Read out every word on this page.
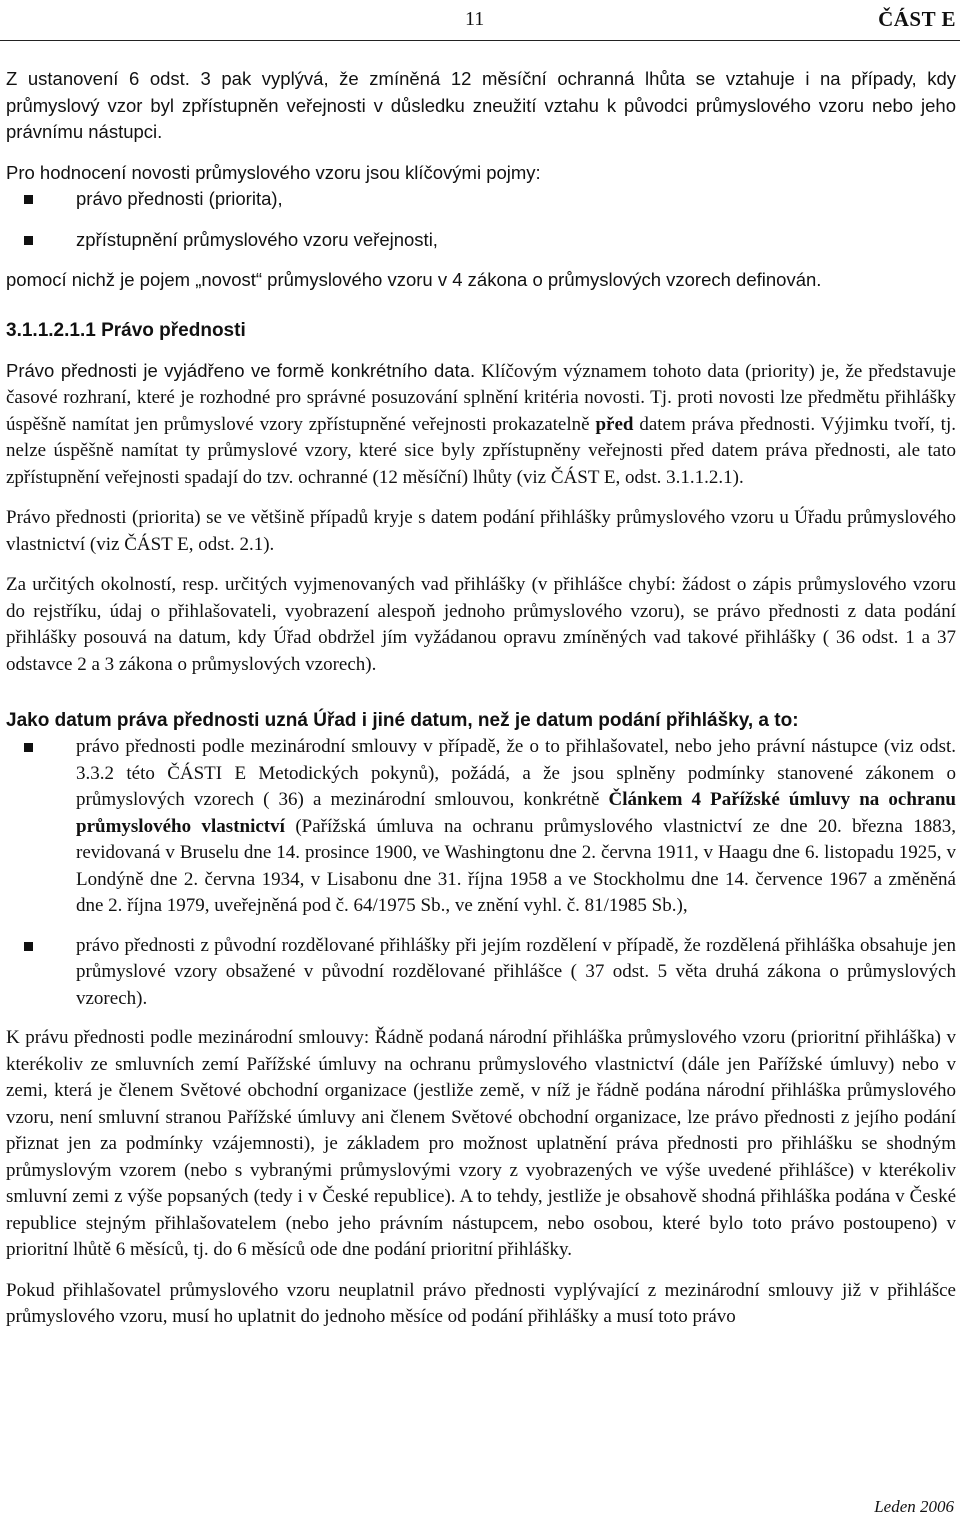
11	ČÁST E

Z ustanovení 6 odst. 3 pak vyplývá, že zmíněná 12 měsíční ochranná lhůta se vztahuje i na případy, kdy průmyslový vzor byl zpřístupněn veřejnosti v důsledku zneužití vztahu k původci průmyslového vzoru nebo jeho právnímu nástupci.

Pro hodnocení novosti průmyslového vzoru jsou klíčovými pojmy:

právo přednosti (priorita),
zpřístupnění průmyslového vzoru veřejnosti,

pomocí nichž je pojem „novost“ průmyslového vzoru v 4 zákona o průmyslových vzorech definován.

3.1.1.2.1.1 Právo přednosti

Právo přednosti je vyjádřeno ve formě konkrétního data. Klíčovým významem tohoto data (priority) je, že představuje časové rozhraní, které je rozhodné pro správné posuzování splnění kritéria novosti. Tj. proti novosti lze předmětu přihlášky úspěšně namítat jen průmyslové vzory zpřístupněné veřejnosti prokazatelně před datem práva přednosti. Výjimku tvoří, tj. nelze úspěšně namítat ty průmyslové vzory, které sice byly zpřístupněny veřejnosti před datem práva přednosti, ale tato zpřístupnění veřejnosti spadají do tzv. ochranné (12 měsíční) lhůty (viz ČÁST E, odst. 3.1.1.2.1).

Právo přednosti (priorita) se ve většině případů kryje s datem podání přihlášky průmyslového vzoru u Úřadu průmyslového vlastnictví (viz ČÁST E, odst. 2.1).

Za určitých okolností, resp. určitých vyjmenovaných vad přihlášky (v přihlášce chybí: žádost o zápis průmyslového vzoru do rejstříku, údaj o přihlašovateli, vyobrazení alespoň jednoho průmyslového vzoru), se právo přednosti z data podání přihlášky posouvá na datum, kdy Úřad obdržel jím vyžádanou opravu zmíněných vad takové přihlášky ( 36 odst. 1 a 37 odstavce 2 a 3 zákona o průmyslových vzorech).

Jako datum práva přednosti uzná Úřad i jiné datum, než je datum podání přihlášky, a to:
právo přednosti podle mezinárodní smlouvy v případě, že o to přihlašovatel, nebo jeho právní nástupce (viz odst. 3.3.2 této ČÁSTI E Metodických pokynů), požádá, a že jsou splněny podmínky stanovené zákonem o průmyslových vzorech ( 36) a mezinárodní smlouvou, konkrétně Článkem 4 Pařížské úmluvy na ochranu průmyslového vlastnictví (Pařížská úmluva na ochranu průmyslového vlastnictví ze dne 20. března 1883, revidovaná v Bruselu dne 14. prosince 1900, ve Washingtonu dne 2. června 1911, v Haagu dne 6. listopadu 1925, v Londýně dne 2. června 1934, v Lisabonu dne 31. října 1958 a ve Stockholmu dne 14. července 1967 a změněná dne 2. října 1979, uveřejněná pod č. 64/1975 Sb., ve znění vyhl. č. 81/1985 Sb.),
právo přednosti z původní rozdělované přihlášky při jejím rozdělení v případě, že rozdělená přihláška obsahuje jen průmyslové vzory obsažené v původní rozdělované přihlášce ( 37 odst. 5 věta druhá zákona o průmyslových vzorech).

K právu přednosti podle mezinárodní smlouvy: Řádně podaná národní přihláška průmyslového vzoru (prioritní přihláška) v kterékoliv ze smluvních zemí Pařížské úmluvy na ochranu průmyslového vlastnictví (dále jen Pařížské úmluvy) nebo v zemi, která je členem Světové obchodní organizace (jestliže země, v níž je řádně podána národní přihláška průmyslového vzoru, není smluvní stranou Pařížské úmluvy ani členem Světové obchodní organizace, lze právo přednosti z jejího podání přiznat jen za podmínky vzájemnosti), je základem pro možnost uplatnění práva přednosti pro přihlášku se shodným průmyslovým vzorem (nebo s vybranými průmyslovými vzory z vyobrazených ve výše uvedené přihlášce) v kterékoliv smluvní zemi z výše popsaných (tedy i v České republice). A to tehdy, jestliže je obsahově shodná přihláška podána v České republice stejným přihlašovatelem (nebo jeho právním nástupcem, nebo osobou, které bylo toto právo postoupeno) v prioritní lhůtě 6 měsíců, tj. do 6 měsíců ode dne podání prioritní přihlášky.

Pokud přihlašovatel průmyslového vzoru neuplatnil právo přednosti vyplývající z mezinárodní smlouvy již v přihlášce průmyslového vzoru, musí ho uplatnit do jednoho měsíce od podání přihlášky a musí toto právo

Leden 2006
